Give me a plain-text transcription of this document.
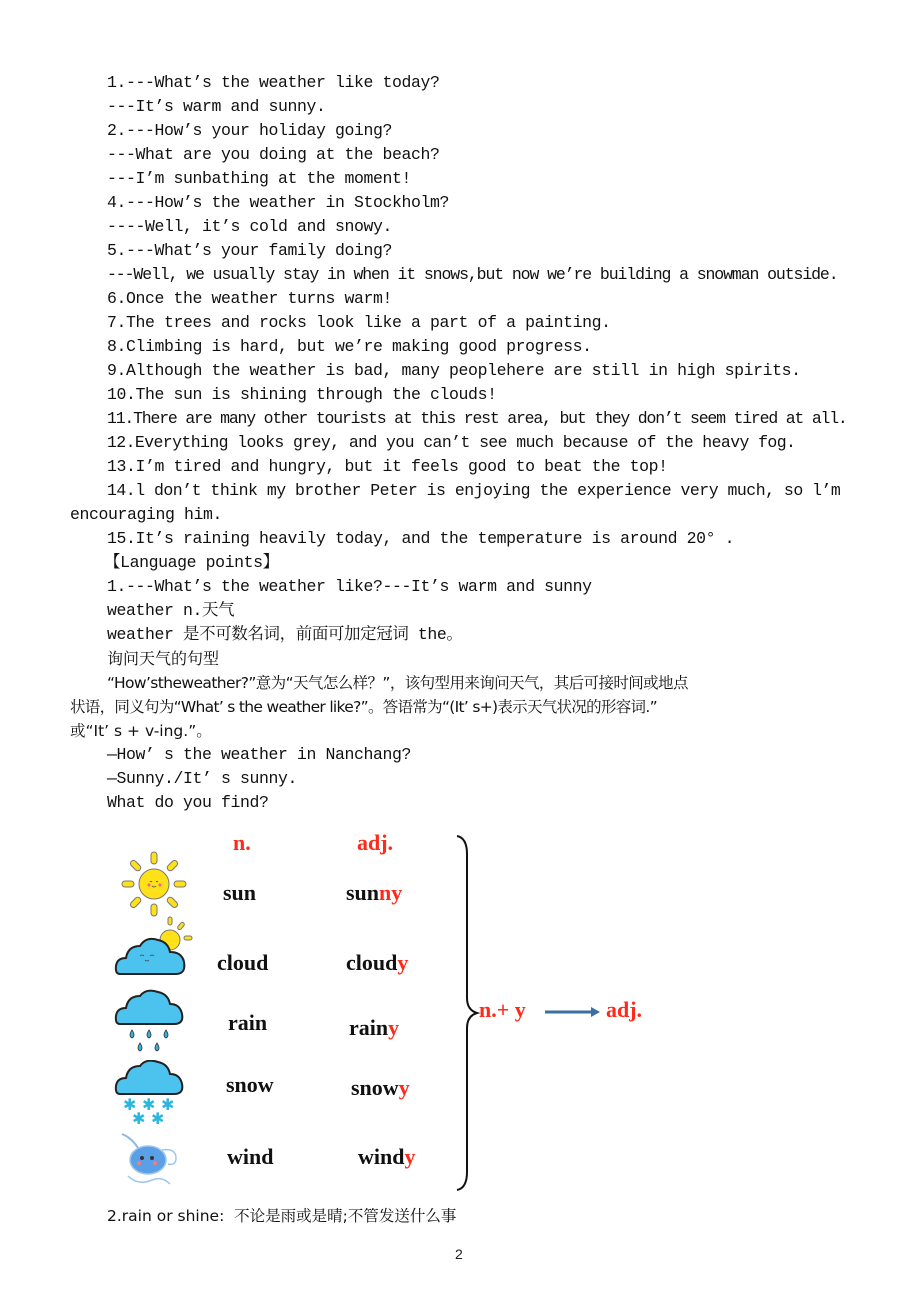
1.---What’s the weather like today?
---It’s warm and sunny.
2.---How’s your holiday going?
---What are you doing at the beach?
---I’m sunbathing at the moment!
4.---How’s the weather in Stockholm?
----Well, it’s cold and snowy.
5.---What’s your family doing?
---Well, we usually stay in when it snows,but now we’re building a snowman outside.
6.Once the weather turns warm!
7.The trees and rocks look like a part of a painting.
8.Climbing is hard, but we’re making good progress.
9.Although the weather is bad, many peoplehere are still in high spirits.
10.The sun is shining through the clouds!
11.There are many other tourists at this rest area, but they don’t seem tired at all.
12.Everything looks grey, and you can’t see much because of the heavy fog.
13.I’m tired and hungry, but it feels good to beat the top!
14.l don’t think my brother Peter is enjoying the experience very much, so l’m
encouraging him.
15.It’s raining heavily today, and the temperature is around 20° .
【Language points】
1.---What’s the weather like?---It’s warm and sunny
weather n.天气
weather 是不可数名词，前面可加定冠词 the。
询问天气的句型
“How’stheweather?”意为“天气怎么样？”，该句型用来询问天气，其后可接时间或地点
状语，同义句为“What’ s the weather like?”。答语常为“(It’ s+)表示天气状况的形容词.”
或“It’ s + v-ing.”。
—How’ s the weather in Nanchang?
—Sunny./It’ s sunny.
What do you find?
n.	adj.
sun	sunny
cloud	cloudy
rain	rainy
✱ ✱ ✱
✱ ✱
snow	snowy
wind	windy
n.+ y	adj.
2.rain or shine:  不论是雨或是晴;不管发送什么事
2
